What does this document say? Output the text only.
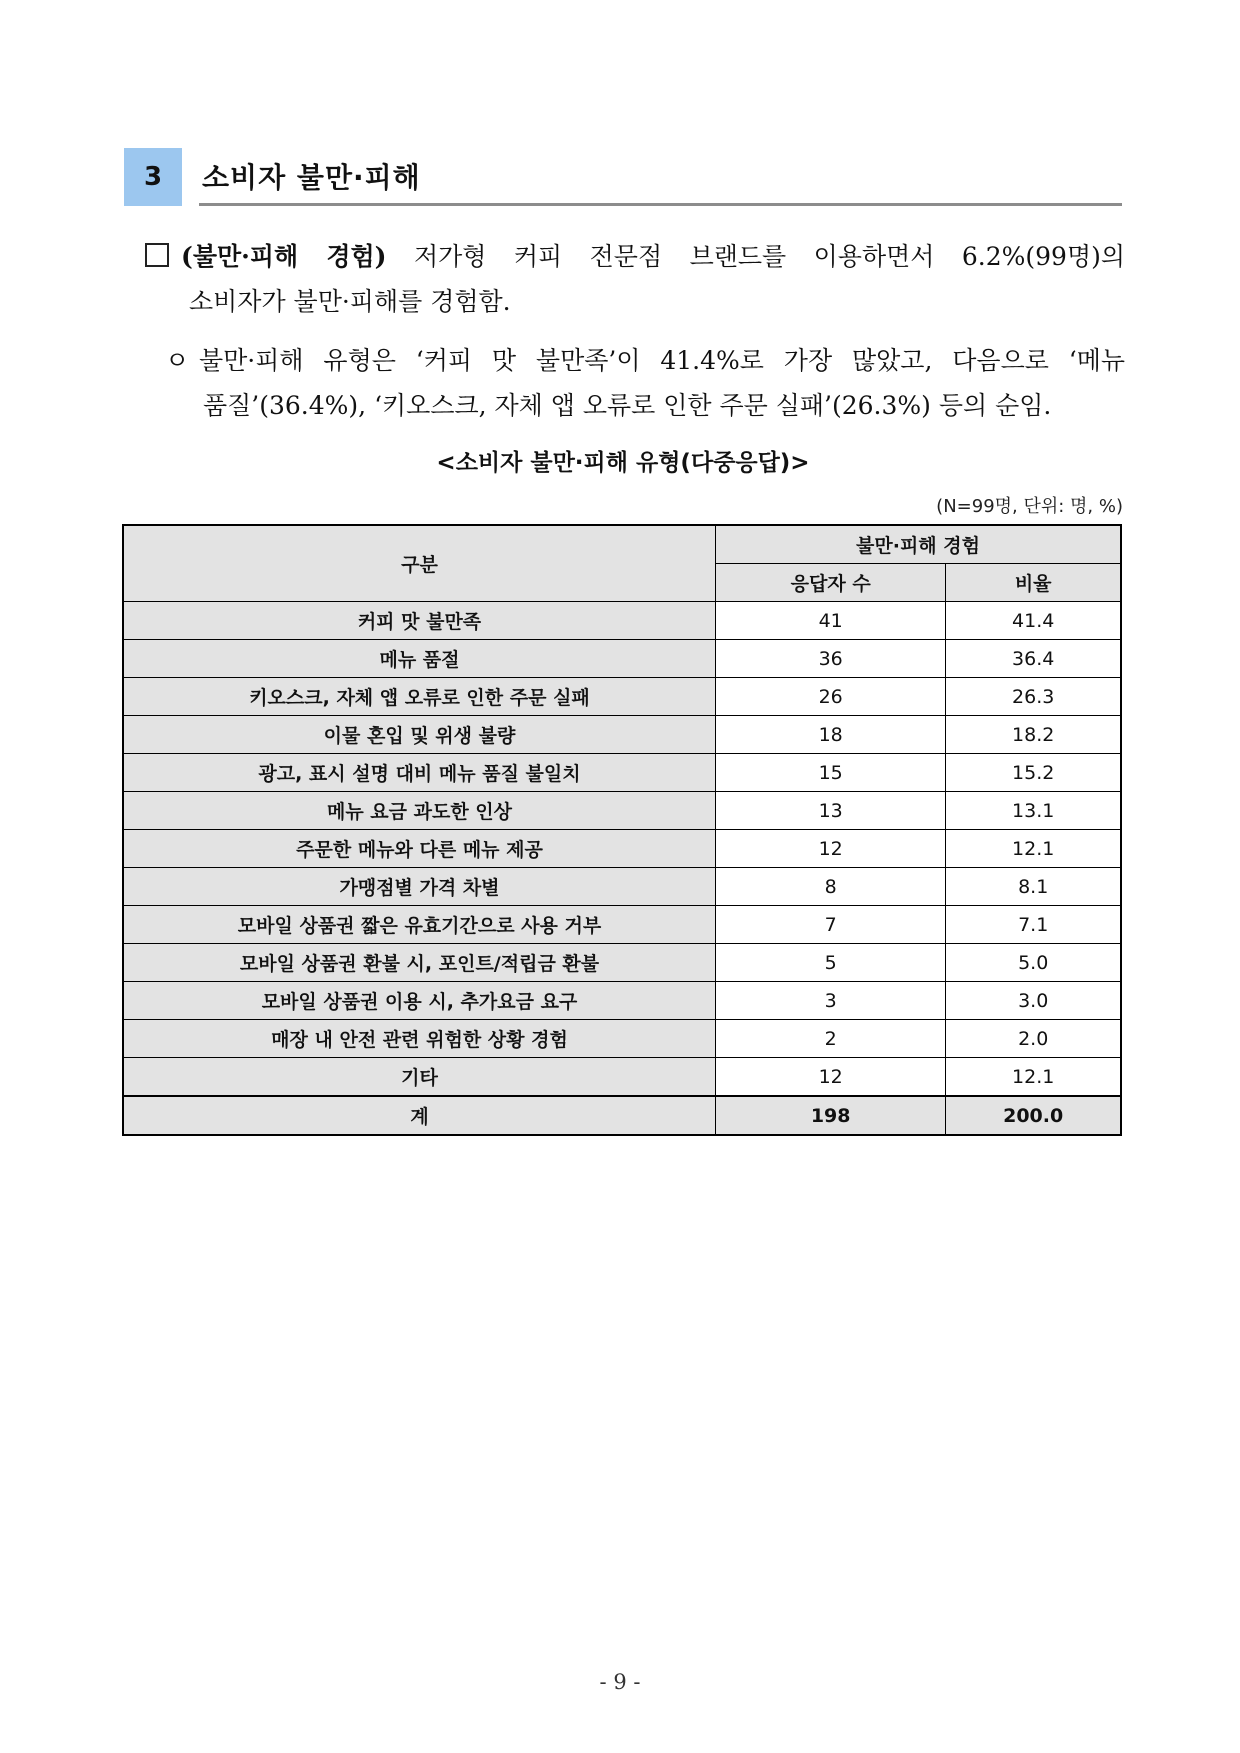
3	소비자 불만·피해
(불만·피해 경험) 저가형 커피 전문점 브랜드를 이용하면서 6.2%(99명)의
소비자가 불만·피해를 경험함.
ㅇ 불만·피해 유형은 ‘커피 맛 불만족’이 41.4%로 가장 많았고, 다음으로 ‘메뉴
품질’(36.4%), ‘키오스크, 자체 앱 오류로 인한 주문 실패’(26.3%) 등의 순임.
<소비자 불만·피해 유형(다중응답)>
(N=99명, 단위: 명, %)
구분	불만·피해 경험	
	응답자 수	비율
커피 맛 불만족	41	41.4
메뉴 품절	36	36.4
키오스크, 자체 앱 오류로 인한 주문 실패	26	26.3
이물 혼입 및 위생 불량	18	18.2
광고, 표시 설명 대비 메뉴 품질 불일치	15	15.2
메뉴 요금 과도한 인상	13	13.1
주문한 메뉴와 다른 메뉴 제공	12	12.1
가맹점별 가격 차별	8	8.1
모바일 상품권 짧은 유효기간으로 사용 거부	7	7.1
모바일 상품권 환불 시, 포인트/적립금 환불	5	5.0
모바일 상품권 이용 시, 추가요금 요구	3	3.0
매장 내 안전 관련 위험한 상황 경험	2	2.0
기타	12	12.1
계	198	200.0
- 9 -
